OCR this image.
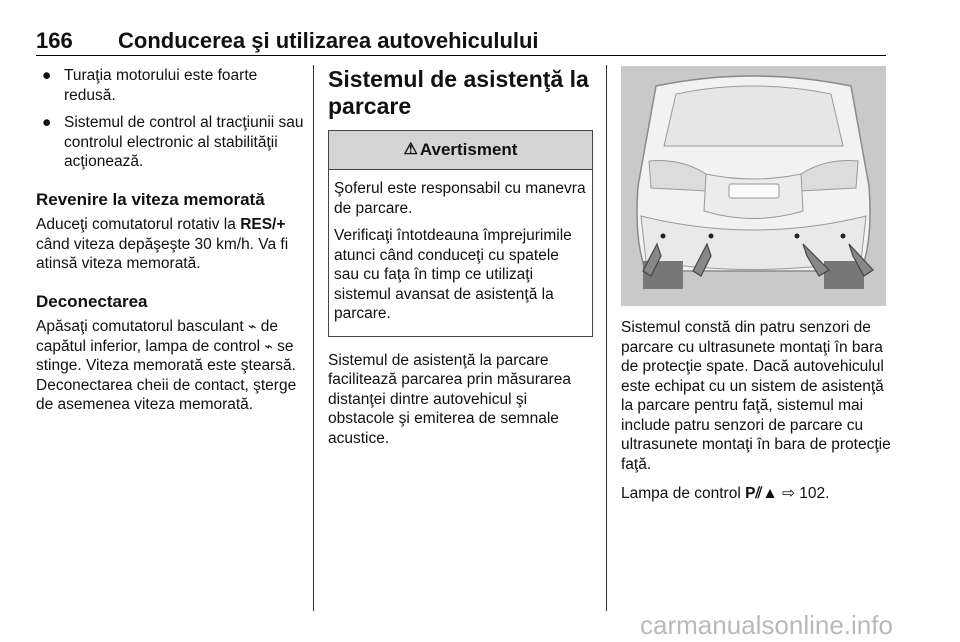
166 Conducerea şi utilizarea autovehiculului
● Turaţia motorului este foarte redusă.
● Sistemul de control al tracţiunii sau controlul electronic al stabilităţii acţionează.
Revenire la viteza memorată

Aduceţi comutatorul rotativ la RES/+ când viteza depăşeşte 30 km/h. Va fi atinsă viteza memorată.

Deconectarea

Apăsaţi comutatorul basculant ⌁ de capătul inferior, lampa de control ⌁ se stinge. Viteza memorată este ştearsă. Deconectarea cheii de contact, şterge de asemenea viteza memorată.

Sistemul de asistenţă la parcare
⚠ Avertisment

Şoferul este responsabil cu manevra de parcare.

Verificaţi întotdeauna împrejurimile atunci când conduceţi cu spatele sau cu faţa în timp ce utilizaţi sistemul avansat de asistenţă la parcare.

Sistemul de asistenţă la parcare facilitează parcarea prin măsurarea distanţei dintre autovehicul şi obstacole şi emiterea de semnale acustice.

Sistemul constă din patru senzori de parcare cu ultrasunete montaţi în bara de protecţie spate. Dacă autovehiculul este echipat cu un sistem de asistenţă la parcare pentru faţă, sistemul mai include patru senzori de parcare cu ultrasunete montaţi în bara de protecţie faţă.

Lampa de control P⫽▲ ⇨ 102.

carmanualsonline.info
